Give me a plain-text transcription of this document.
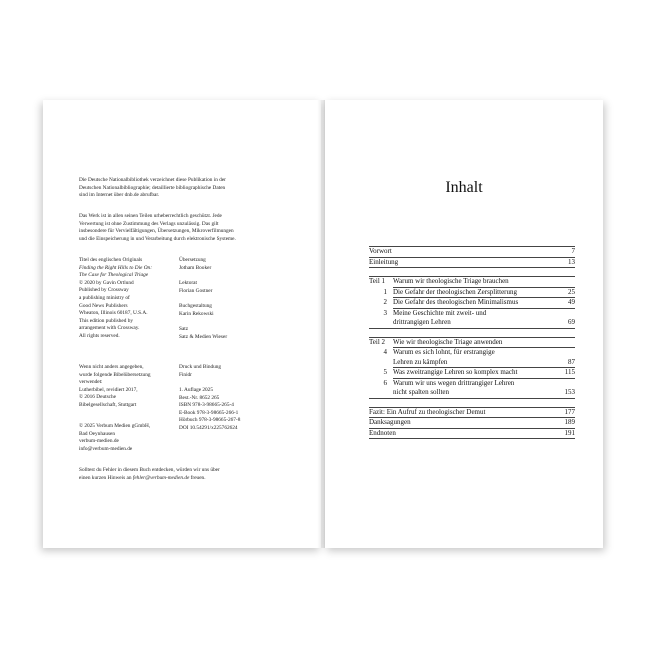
Die Deutsche Nationalbibliothek verzeichnet diese Publikation in der

Deutschen Nationalbibliographie; detaillierte bibliographische Daten

sind im Internet über dnb.de abrufbar.

Das Werk ist in allen seinen Teilen urheberrechtlich geschützt. Jede

Verwertung ist ohne Zustimmung des Verlags unzulässig. Das gilt

insbesondere für Vervielfältigungen, Übersetzungen, Mikroverfilmungen

und die Einspeicherung in und Verarbeitung durch elektronische Systeme.

Titel des englischen Originals

Finding the Right Hills to Die On:

The Case for Theological Triage

© 2020 by Gavin Ortlund

Published by Crossway

a publishing ministry of

Good News Publishers

Wheaton, Illinois 60187, U.S.A.

This edition published by

arrangement with Crossway.

All rights reserved.

Wenn nicht anders angegeben,

wurde folgende Bibelübersetzung

verwendet:

Lutherbibel, revidiert 2017,

© 2016 Deutsche

Bibelgesellschaft, Stuttgart

© 2025 Verbum Medien gGmbH,

Bad Oeynhausen

verbum-medien.de

info@verbum-medien.de

Übersetzung

Jotham Booker

Lektorat

Florian Gostner

Buchgestaltung

Karin Rekowski

Satz

Satz & Medien Wieser

Druck und Bindung

Finidr

1. Auflage 2025

Best.-Nr. 8652 265

ISBN 978-3-98665-265-4

E-Book 978-3-98665-266-1

Hörbuch 978-3-98665-267-8

DOI 10.54291/x225762624

Solltest du Fehler in diesem Buch entdecken, würden wir uns über

einen kurzen Hinweis an fehler@verbum-medien.de freuen.

Inhalt
Vorwort	7
Einleitung	13
Teil 1 Warum wir theologische Triage brauchen
1 Die Gefahr der theologischen Zersplitterung	25
2 Die Gefahr des theologischen Minimalismus	49
3 Meine Geschichte mit zweit- und
drittrangigen Lehren	69
Teil 2 Wie wir theologische Triage anwenden
4 Warum es sich lohnt, für erstrangige
Lehren zu kämpfen	87
5 Was zweitrangige Lehren so komplex macht	115
6 Warum wir uns wegen drittrangiger Lehren
nicht spalten sollten	153
Fazit: Ein Aufruf zu theologischer Demut	177
Danksagungen	189
Endnoten	191
